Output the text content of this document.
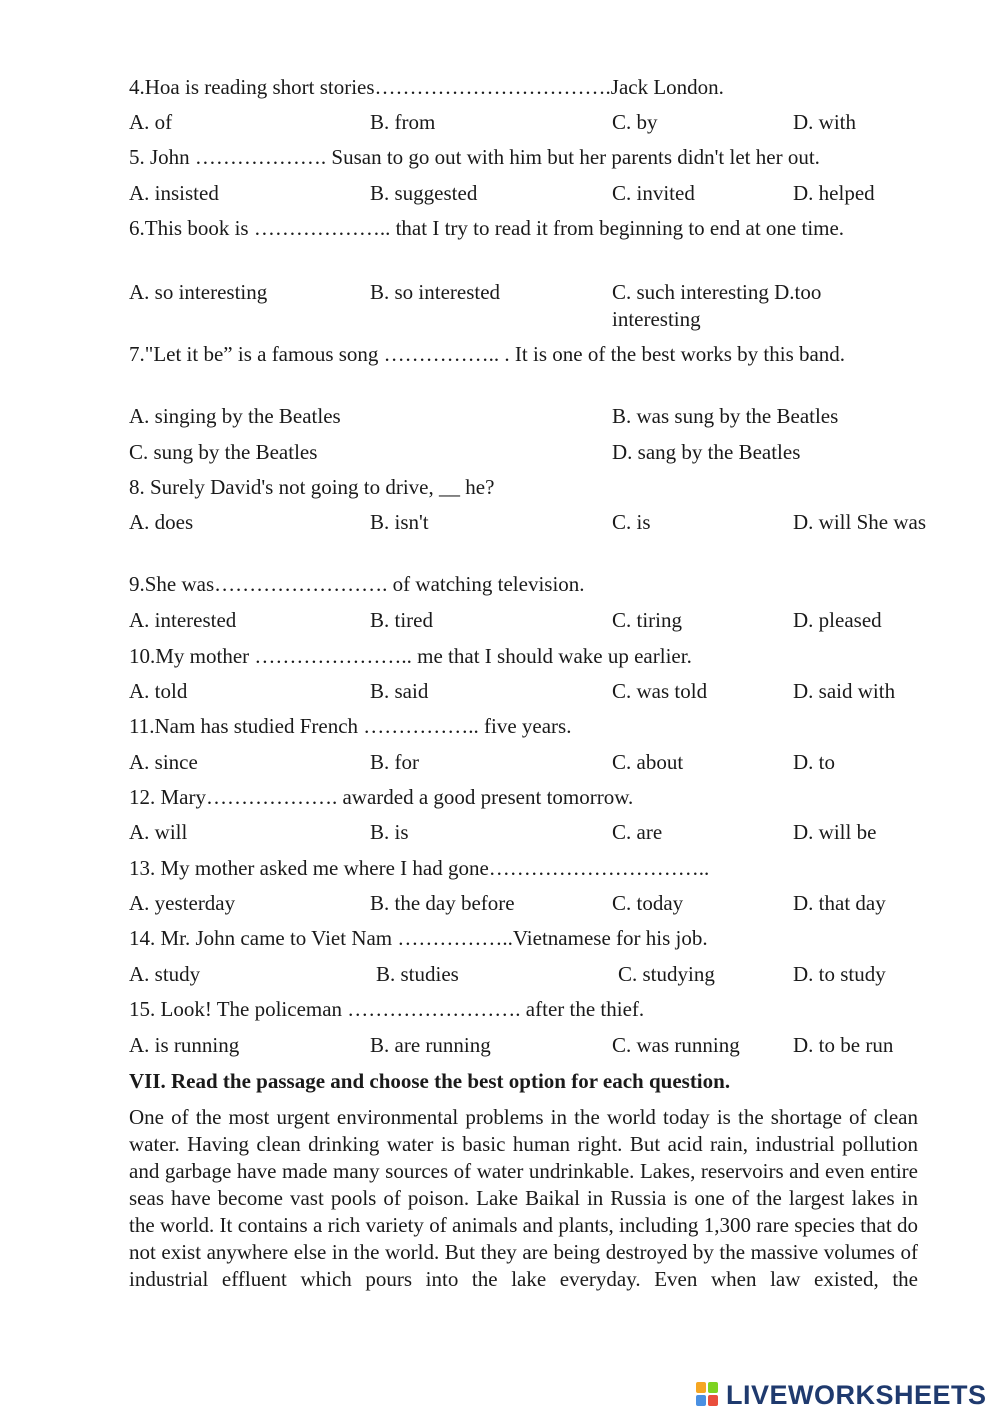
4.Hoa is reading short stories…………………………….Jack London.
A. of	B. from	C. by	D. with
5. John ………………. Susan to go out with him but her parents didn't let her out.
A. insisted	B. suggested	C. invited	D. helped
6.This book is ……………….. that I try to read it from beginning to end at one time.
A. so interesting	B. so interested	C. such interesting D.too interesting
7."Let it be” is a famous song …………….. . It is one of the best works by this band.
A. singing by the Beatles	B. was sung by the Beatles
C. sung by the Beatles	D. sang by the Beatles
8. Surely David's not going to drive, __ he?
A. does	B. isn't	C. is	D. will She was
9.She was……………………. of watching television.
A. interested	B. tired	C. tiring	D. pleased
10.My mother ………………….. me that I should wake up earlier.
A. told	B. said	C. was told	D. said with
11.Nam has studied French …………….. five years.
A. since	B. for	C. about	D. to
12. Mary………………. awarded a good present tomorrow.
A. will	B. is	C. are	D. will be
13. My mother asked me where I had gone…………………………..
A. yesterday	B. the day before	C. today	D. that day
14. Mr. John came to Viet Nam ……………..Vietnamese for his job.
A. study	B. studies	C. studying	D. to study
15. Look! The policeman ……………………. after the thief.
A. is running	B. are running	C. was running	D. to be run
VII. Read the passage and choose the best option for each question.
One of the most urgent environmental problems in the world today is the shortage of clean water. Having clean drinking water is basic human right. But acid rain, industrial pollution and garbage have made many sources of water undrinkable. Lakes, reservoirs and even entire seas have become vast pools of poison. Lake Baikal in Russia is one of the largest lakes in the world. It contains a rich variety of animals and plants, including 1,300 rare species that do not exist anywhere else in the world. But they are being destroyed by the massive volumes of industrial effluent which pours into the lake everyday. Even when law existed, the
LIVEWORKSHEETS
